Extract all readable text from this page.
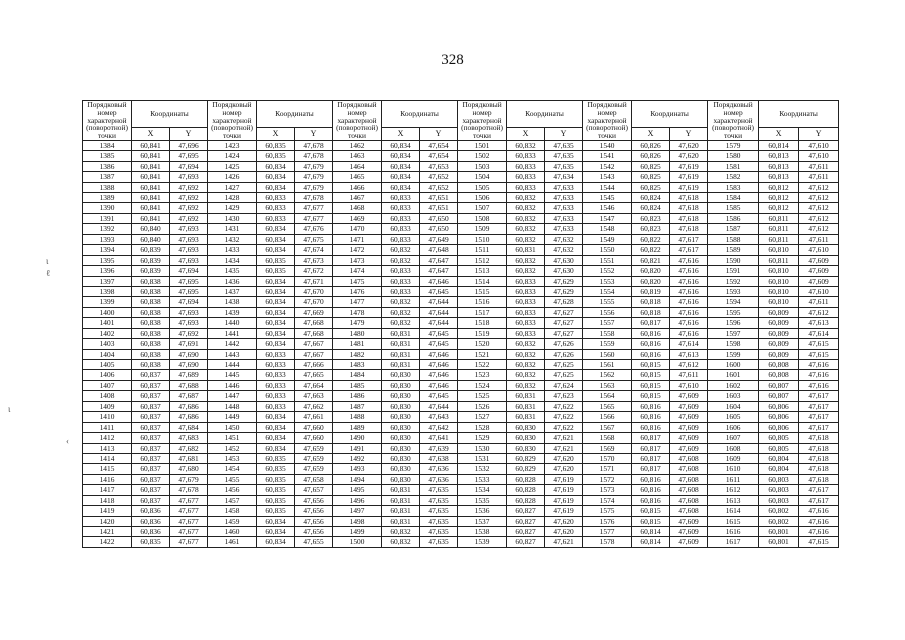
328
ι
ℓ
ι
‹
Порядковый номер характерной (поворотной) точки	Координаты		Порядковый номер характерной (поворотной) точки	Координаты		Порядковый номер характерной (поворотной) точки	Координаты		Порядковый номер характерной (поворотной) точки	Координаты		Порядковый номер характерной (поворотной) точки	Координаты		Порядковый номер характерной (поворотной) точки	Координаты	
	X	Y		X	Y		X	Y		X	Y		X	Y		X	Y
1384	60,841	47,696	1423	60,835	47,678	1462	60,834	47,654	1501	60,832	47,635	1540	60,826	47,620	1579	60,814	47,610
1385	60,841	47,695	1424	60,835	47,678	1463	60,834	47,654	1502	60,833	47,635	1541	60,826	47,620	1580	60,813	47,610
1386	60,841	47,694	1425	60,834	47,679	1464	60,834	47,653	1503	60,833	47,635	1542	60,825	47,619	1581	60,813	47,611
1387	60,841	47,693	1426	60,834	47,679	1465	60,834	47,652	1504	60,833	47,634	1543	60,825	47,619	1582	60,813	47,611
1388	60,841	47,692	1427	60,834	47,679	1466	60,834	47,652	1505	60,833	47,633	1544	60,825	47,619	1583	60,812	47,612
1389	60,841	47,692	1428	60,833	47,678	1467	60,833	47,651	1506	60,832	47,633	1545	60,824	47,618	1584	60,812	47,612
1390	60,841	47,692	1429	60,833	47,677	1468	60,833	47,651	1507	60,832	47,633	1546	60,824	47,618	1585	60,812	47,612
1391	60,841	47,692	1430	60,833	47,677	1469	60,833	47,650	1508	60,832	47,633	1547	60,823	47,618	1586	60,811	47,612
1392	60,840	47,693	1431	60,834	47,676	1470	60,833	47,650	1509	60,832	47,633	1548	60,823	47,618	1587	60,811	47,612
1393	60,840	47,693	1432	60,834	47,675	1471	60,833	47,649	1510	60,832	47,632	1549	60,822	47,617	1588	60,811	47,611
1394	60,839	47,693	1433	60,834	47,674	1472	60,832	47,648	1511	60,831	47,632	1550	60,822	47,617	1589	60,810	47,610
1395	60,839	47,693	1434	60,835	47,673	1473	60,832	47,647	1512	60,832	47,630	1551	60,821	47,616	1590	60,811	47,609
1396	60,839	47,694	1435	60,835	47,672	1474	60,833	47,647	1513	60,832	47,630	1552	60,820	47,616	1591	60,810	47,609
1397	60,838	47,695	1436	60,834	47,671	1475	60,833	47,646	1514	60,833	47,629	1553	60,820	47,616	1592	60,810	47,609
1398	60,838	47,695	1437	60,834	47,670	1476	60,833	47,645	1515	60,833	47,629	1554	60,819	47,616	1593	60,810	47,610
1399	60,838	47,694	1438	60,834	47,670	1477	60,832	47,644	1516	60,833	47,628	1555	60,818	47,616	1594	60,810	47,611
1400	60,838	47,693	1439	60,834	47,669	1478	60,832	47,644	1517	60,833	47,627	1556	60,818	47,616	1595	60,809	47,612
1401	60,838	47,693	1440	60,834	47,668	1479	60,832	47,644	1518	60,833	47,627	1557	60,817	47,616	1596	60,809	47,613
1402	60,838	47,692	1441	60,834	47,668	1480	60,831	47,645	1519	60,833	47,627	1558	60,816	47,616	1597	60,809	47,614
1403	60,838	47,691	1442	60,834	47,667	1481	60,831	47,645	1520	60,832	47,626	1559	60,816	47,614	1598	60,809	47,615
1404	60,838	47,690	1443	60,833	47,667	1482	60,831	47,646	1521	60,832	47,626	1560	60,816	47,613	1599	60,809	47,615
1405	60,838	47,690	1444	60,833	47,666	1483	60,831	47,646	1522	60,832	47,625	1561	60,815	47,612	1600	60,808	47,616
1406	60,837	47,689	1445	60,833	47,665	1484	60,830	47,646	1523	60,832	47,625	1562	60,815	47,611	1601	60,808	47,616
1407	60,837	47,688	1446	60,833	47,664	1485	60,830	47,646	1524	60,832	47,624	1563	60,815	47,610	1602	60,807	47,616
1408	60,837	47,687	1447	60,833	47,663	1486	60,830	47,645	1525	60,831	47,623	1564	60,815	47,609	1603	60,807	47,617
1409	60,837	47,686	1448	60,833	47,662	1487	60,830	47,644	1526	60,831	47,622	1565	60,816	47,609	1604	60,806	47,617
1410	60,837	47,686	1449	60,834	47,661	1488	60,830	47,643	1527	60,831	47,622	1566	60,816	47,609	1605	60,806	47,617
1411	60,837	47,684	1450	60,834	47,660	1489	60,830	47,642	1528	60,830	47,622	1567	60,816	47,609	1606	60,806	47,617
1412	60,837	47,683	1451	60,834	47,660	1490	60,830	47,641	1529	60,830	47,621	1568	60,817	47,609	1607	60,805	47,618
1413	60,837	47,682	1452	60,834	47,659	1491	60,830	47,639	1530	60,830	47,621	1569	60,817	47,609	1608	60,805	47,618
1414	60,837	47,681	1453	60,835	47,659	1492	60,830	47,638	1531	60,829	47,620	1570	60,817	47,608	1609	60,804	47,618
1415	60,837	47,680	1454	60,835	47,659	1493	60,830	47,636	1532	60,829	47,620	1571	60,817	47,608	1610	60,804	47,618
1416	60,837	47,679	1455	60,835	47,658	1494	60,830	47,636	1533	60,828	47,619	1572	60,816	47,608	1611	60,803	47,618
1417	60,837	47,678	1456	60,835	47,657	1495	60,831	47,635	1534	60,828	47,619	1573	60,816	47,608	1612	60,803	47,617
1418	60,837	47,677	1457	60,835	47,656	1496	60,831	47,635	1535	60,828	47,619	1574	60,816	47,608	1613	60,803	47,617
1419	60,836	47,677	1458	60,835	47,656	1497	60,831	47,635	1536	60,827	47,619	1575	60,815	47,608	1614	60,802	47,616
1420	60,836	47,677	1459	60,834	47,656	1498	60,831	47,635	1537	60,827	47,620	1576	60,815	47,609	1615	60,802	47,616
1421	60,836	47,677	1460	60,834	47,656	1499	60,832	47,635	1538	60,827	47,620	1577	60,814	47,609	1616	60,801	47,616
1422	60,835	47,677	1461	60,834	47,655	1500	60,832	47,635	1539	60,827	47,621	1578	60,814	47,609	1617	60,801	47,615
